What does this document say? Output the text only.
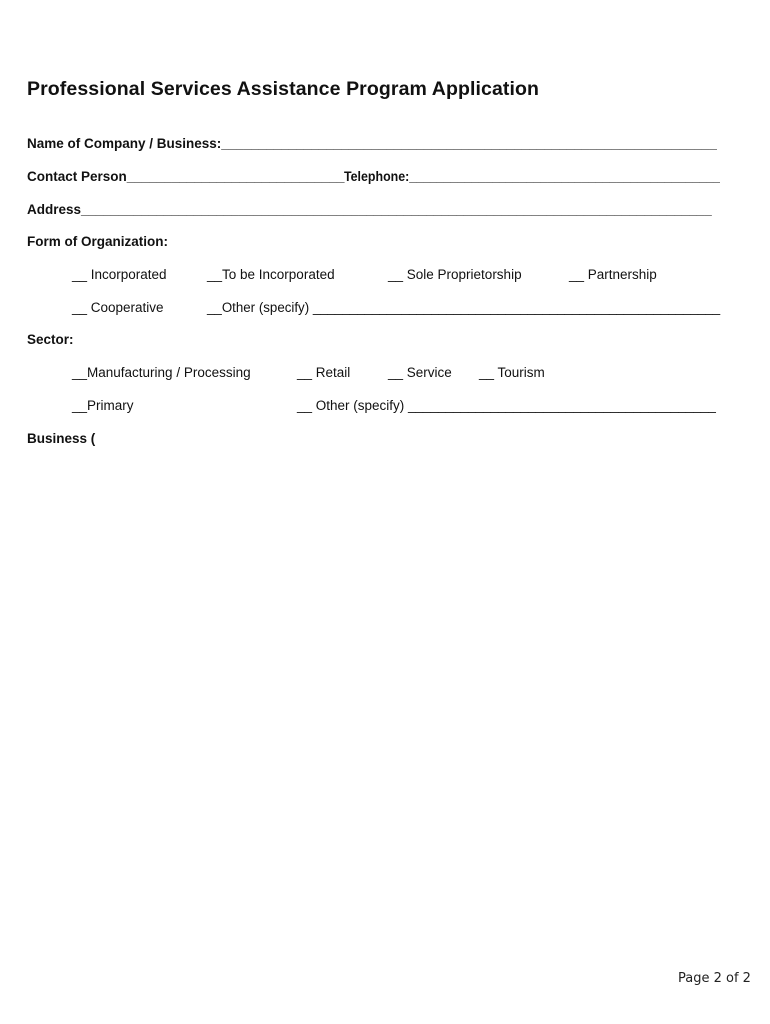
Professional Services Assistance Program Application
Name of Company / Business:__________________________________________________________________
Contact Person_____________________________ Telephone:_____________________________________________
Address____________________________________________________________________________________
Form of Organization:
__ Incorporated	__To be Incorporated	__ Sole Proprietorship	__ Partnership
__ Cooperative	__Other (specify) _______________________________________________________
Sector:
__Manufacturing / Processing	__ Retail	__ Service __ Tourism
__Primary	__ Other (specify) _________________________________________
Business (
Page 2 of 2
